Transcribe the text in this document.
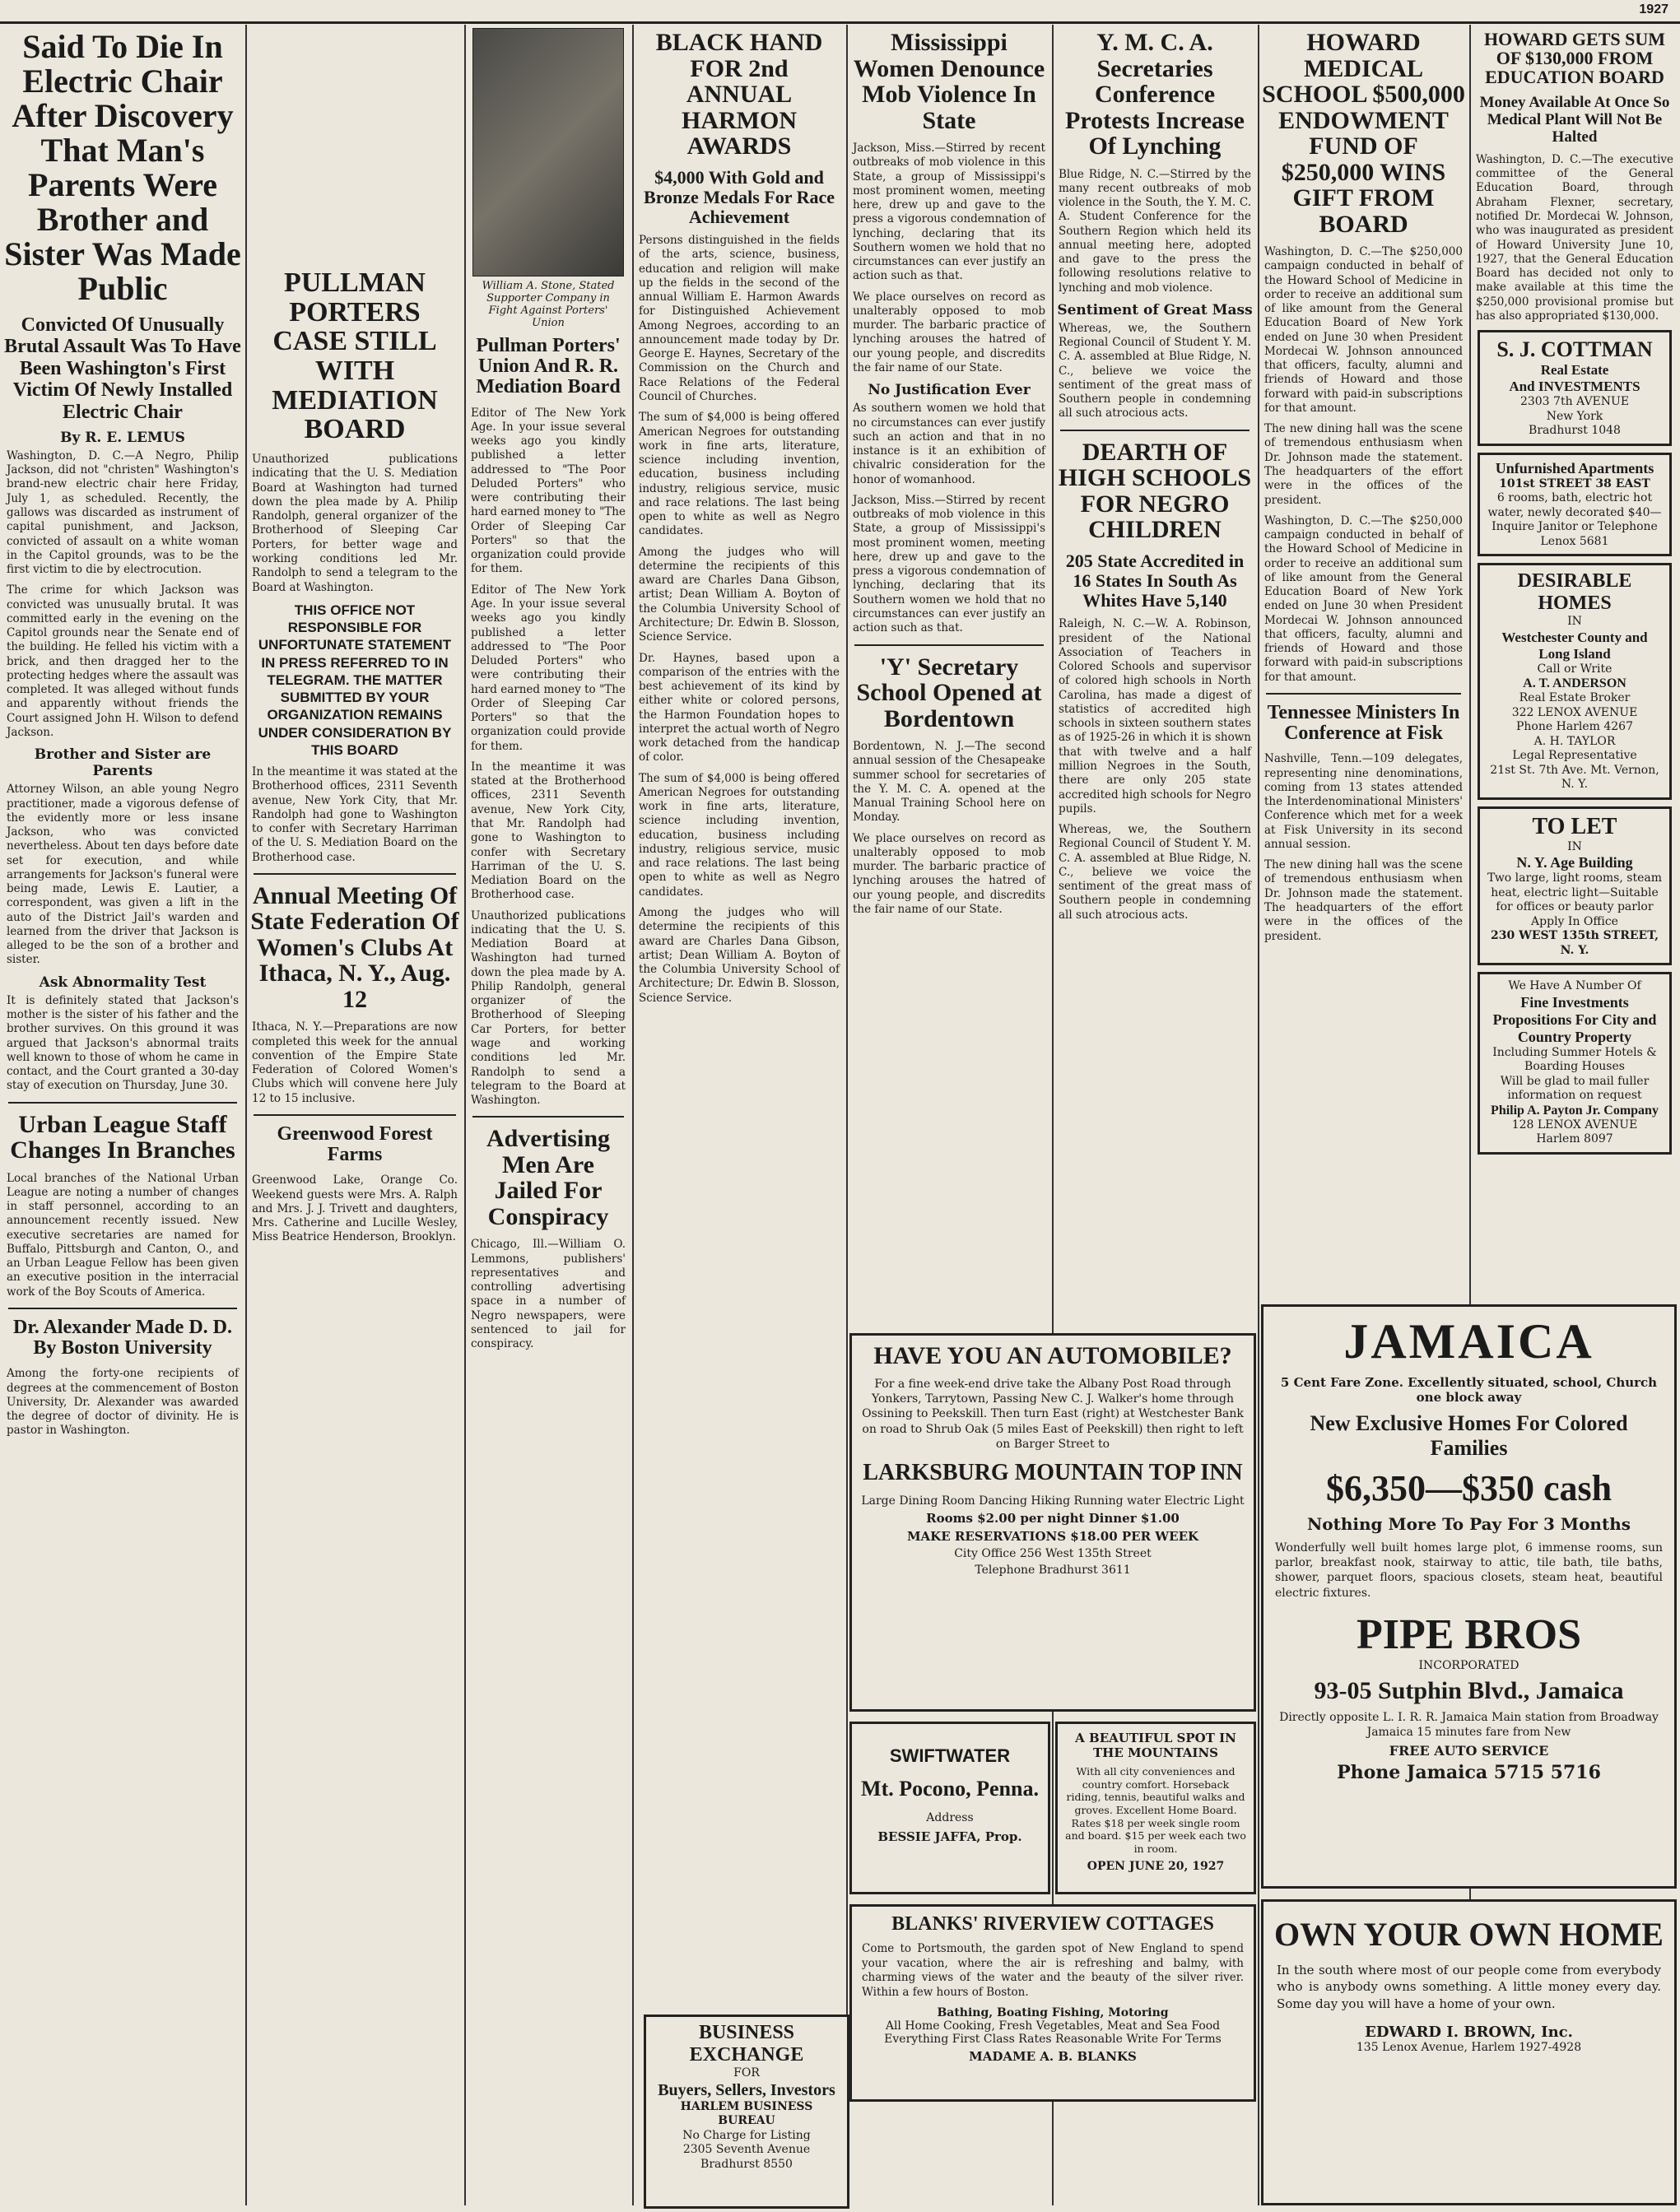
1927
Said To Die In Electric Chair After Discovery That Man's Parents Were Brother and Sister Was Made Public
Convicted Of Unusually Brutal Assault Was To Have Been Washington's First Victim Of Newly Installed Electric Chair
By R. E. LEMUS

Washington, D. C.—A Negro, Philip Jackson, did not "christen" Washington's brand-new electric chair here Friday, July 1, as scheduled. Recently, the gallows was discarded as instrument of capital punishment, and Jackson, convicted of assault on a white woman in the Capitol grounds, was to be the first victim to die by electrocution.

The crime for which Jackson was convicted was unusually brutal. It was committed early in the evening on the Capitol grounds near the Senate end of the building. He felled his victim with a brick, and then dragged her to the protecting hedges where the assault was completed. It was alleged without funds and apparently without friends the Court assigned John H. Wilson to defend Jackson.

Brother and Sister are Parents

Attorney Wilson, an able young Negro practitioner, made a vigorous defense of the evidently more or less insane Jackson, who was convicted nevertheless. About ten days before date set for execution, and while arrangements for Jackson's funeral were being made, Lewis E. Lautier, a correspondent, was given a lift in the auto of the District Jail's warden and learned from the driver that Jackson is alleged to be the son of a brother and sister.

Ask Abnormality Test

It is definitely stated that Jackson's mother is the sister of his father and the brother survives. On this ground it was argued that Jackson's abnormal traits well known to those of whom he came in contact, and the Court granted a 30-day stay of execution on Thursday, June 30.

Urban League Staff Changes In Branches

Local branches of the National Urban League are noting a number of changes in staff personnel, according to an announcement recently issued. New executive secretaries are named for Buffalo, Pittsburgh and Canton, O., and an Urban League Fellow has been given an executive position in the interracial work of the Boy Scouts of America.

Dr. Alexander Made D. D. By Boston University

Among the forty-one recipients of degrees at the commencement of Boston University, Dr. Alexander was awarded the degree of doctor of divinity. He is pastor in Washington.

PULLMAN PORTERS CASE STILL WITH MEDIATION BOARD

Unauthorized publications indicating that the U. S. Mediation Board at Washington had turned down the plea made by A. Philip Randolph, general organizer of the Brotherhood of Sleeping Car Porters, for better wage and working conditions led Mr. Randolph to send a telegram to the Board at Washington.

THIS OFFICE NOT RESPONSIBLE FOR UNFORTUNATE STATEMENT IN PRESS REFERRED TO IN TELEGRAM. THE MATTER SUBMITTED BY YOUR ORGANIZATION REMAINS UNDER CONSIDERATION BY THIS BOARD

In the meantime it was stated at the Brotherhood offices, 2311 Seventh avenue, New York City, that Mr. Randolph had gone to Washington to confer with Secretary Harriman of the U. S. Mediation Board on the Brotherhood case.

Annual Meeting Of State Federation Of Women's Clubs At Ithaca, N. Y., Aug. 12

Ithaca, N. Y.—Preparations are now completed this week for the annual convention of the Empire State Federation of Colored Women's Clubs which will convene here July 12 to 15 inclusive.

Greenwood Forest Farms

Greenwood Lake, Orange Co. Weekend guests were Mrs. A. Ralph and Mrs. J. J. Trivett and daughters, Mrs. Catherine and Lucille Wesley, Miss Beatrice Henderson, Brooklyn.

William A. Stone, Stated Supporter Company in Fight Against Porters' Union
Pullman Porters' Union And R. R. Mediation Board

Editor of The New York Age. In your issue several weeks ago you kindly published a letter addressed to "The Poor Deluded Porters" who were contributing their hard earned money to "The Order of Sleeping Car Porters" so that the organization could provide for them.

Editor of The New York Age. In your issue several weeks ago you kindly published a letter addressed to "The Poor Deluded Porters" who were contributing their hard earned money to "The Order of Sleeping Car Porters" so that the organization could provide for them.

In the meantime it was stated at the Brotherhood offices, 2311 Seventh avenue, New York City, that Mr. Randolph had gone to Washington to confer with Secretary Harriman of the U. S. Mediation Board on the Brotherhood case.

Unauthorized publications indicating that the U. S. Mediation Board at Washington had turned down the plea made by A. Philip Randolph, general organizer of the Brotherhood of Sleeping Car Porters, for better wage and working conditions led Mr. Randolph to send a telegram to the Board at Washington.

Advertising Men Are Jailed For Conspiracy

Chicago, Ill.—William O. Lemmons, publishers' representatives and controlling advertising space in a number of Negro newspapers, were sentenced to jail for conspiracy.

BLACK HAND FOR 2nd ANNUAL HARMON AWARDS
$4,000 With Gold and Bronze Medals For Race Achievement

Persons distinguished in the fields of the arts, science, business, education and religion will make up the fields in the second of the annual William E. Harmon Awards for Distinguished Achievement Among Negroes, according to an announcement made today by Dr. George E. Haynes, Secretary of the Commission on the Church and Race Relations of the Federal Council of Churches.

The sum of $4,000 is being offered American Negroes for outstanding work in fine arts, literature, science including invention, education, business including industry, religious service, music and race relations. The last being open to white as well as Negro candidates.

Among the judges who will determine the recipients of this award are Charles Dana Gibson, artist; Dean William A. Boyton of the Columbia University School of Architecture; Dr. Edwin B. Slosson, Science Service.

Dr. Haynes, based upon a comparison of the entries with the best achievement of its kind by either white or colored persons, the Harmon Foundation hopes to interpret the actual worth of Negro work detached from the handicap of color.

The sum of $4,000 is being offered American Negroes for outstanding work in fine arts, literature, science including invention, education, business including industry, religious service, music and race relations. The last being open to white as well as Negro candidates.

Among the judges who will determine the recipients of this award are Charles Dana Gibson, artist; Dean William A. Boyton of the Columbia University School of Architecture; Dr. Edwin B. Slosson, Science Service.

BUSINESS EXCHANGE
FOR
Buyers, Sellers, Investors
HARLEM BUSINESS BUREAU
No Charge for Listing
2305 Seventh Avenue
Bradhurst 8550
Mississippi Women Denounce Mob Violence In State

Jackson, Miss.—Stirred by recent outbreaks of mob violence in this State, a group of Mississippi's most prominent women, meeting here, drew up and gave to the press a vigorous condemnation of lynching, declaring that its Southern women we hold that no circumstances can ever justify an action such as that.

We place ourselves on record as unalterably opposed to mob murder. The barbaric practice of lynching arouses the hatred of our young people, and discredits the fair name of our State.

No Justification Ever

As southern women we hold that no circumstances can ever justify such an action and that in no instance is it an exhibition of chivalric consideration for the honor of womanhood.

Jackson, Miss.—Stirred by recent outbreaks of mob violence in this State, a group of Mississippi's most prominent women, meeting here, drew up and gave to the press a vigorous condemnation of lynching, declaring that its Southern women we hold that no circumstances can ever justify an action such as that.

'Y' Secretary School Opened at Bordentown

Bordentown, N. J.—The second annual session of the Chesapeake summer school for secretaries of the Y. M. C. A. opened at the Manual Training School here on Monday.

We place ourselves on record as unalterably opposed to mob murder. The barbaric practice of lynching arouses the hatred of our young people, and discredits the fair name of our State.

Y. M. C. A. Secretaries Conference Protests Increase Of Lynching

Blue Ridge, N. C.—Stirred by the many recent outbreaks of mob violence in the South, the Y. M. C. A. Student Conference for the Southern Region which held its annual meeting here, adopted and gave to the press the following resolutions relative to lynching and mob violence.

Sentiment of Great Mass

Whereas, we, the Southern Regional Council of Student Y. M. C. A. assembled at Blue Ridge, N. C., believe we voice the sentiment of the great mass of Southern people in condemning all such atrocious acts.

DEARTH OF HIGH SCHOOLS FOR NEGRO CHILDREN
205 State Accredited in 16 States In South As Whites Have 5,140

Raleigh, N. C.—W. A. Robinson, president of the National Association of Teachers in Colored Schools and supervisor of colored high schools in North Carolina, has made a digest of statistics of accredited high schools in sixteen southern states as of 1925-26 in which it is shown that with twelve and a half million Negroes in the South, there are only 205 state accredited high schools for Negro pupils.

Whereas, we, the Southern Regional Council of Student Y. M. C. A. assembled at Blue Ridge, N. C., believe we voice the sentiment of the great mass of Southern people in condemning all such atrocious acts.

HOWARD MEDICAL SCHOOL $500,000 ENDOWMENT FUND OF $250,000 WINS GIFT FROM BOARD

Washington, D. C.—The $250,000 campaign conducted in behalf of the Howard School of Medicine in order to receive an additional sum of like amount from the General Education Board of New York ended on June 30 when President Mordecai W. Johnson announced that officers, faculty, alumni and friends of Howard and those forward with paid-in subscriptions for that amount.

The new dining hall was the scene of tremendous enthusiasm when Dr. Johnson made the statement. The headquarters of the effort were in the offices of the president.

Washington, D. C.—The $250,000 campaign conducted in behalf of the Howard School of Medicine in order to receive an additional sum of like amount from the General Education Board of New York ended on June 30 when President Mordecai W. Johnson announced that officers, faculty, alumni and friends of Howard and those forward with paid-in subscriptions for that amount.

Tennessee Ministers In Conference at Fisk

Nashville, Tenn.—109 delegates, representing nine denominations, coming from 13 states attended the Interdenominational Ministers' Conference which met for a week at Fisk University in its second annual session.

The new dining hall was the scene of tremendous enthusiasm when Dr. Johnson made the statement. The headquarters of the effort were in the offices of the president.

HOWARD GETS SUM OF $130,000 FROM EDUCATION BOARD
Money Available At Once So Medical Plant Will Not Be Halted

Washington, D. C.—The executive committee of the General Education Board, through Abraham Flexner, secretary, notified Dr. Mordecai W. Johnson, who was inaugurated as president of Howard University June 10, 1927, that the General Education Board has decided not only to make available at this time the $250,000 provisional promise but has also appropriated $130,000.

S. J. COTTMAN
Real Estate
And INVESTMENTS
2303 7th AVENUE
New York
Bradhurst 1048
Unfurnished Apartments
101st STREET 38 EAST
6 rooms, bath, electric hot water, newly decorated $40—Inquire Janitor or Telephone Lenox 5681
DESIRABLE HOMES
IN
Westchester County and Long Island
Call or Write
A. T. ANDERSON
Real Estate Broker
322 LENOX AVENUE
Phone Harlem 4267
A. H. TAYLOR
Legal Representative
21st St. 7th Ave. Mt. Vernon, N. Y.
TO LET
IN
N. Y. Age Building
Two large, light rooms, steam heat, electric light—Suitable for offices or beauty parlor
Apply In Office
230 WEST 135th STREET, N. Y.
We Have A Number Of
Fine Investments Propositions For City and Country Property
Including Summer Hotels & Boarding Houses
Will be glad to mail fuller information on request
Philip A. Payton Jr. Company
128 LENOX AVENUE
Harlem 8097
HAVE YOU AN AUTOMOBILE?
For a fine week-end drive take the Albany Post Road through Yonkers, Tarrytown, Passing New C. J. Walker's home through Ossining to Peekskill. Then turn East (right) at Westchester Bank on road to Shrub Oak (5 miles East of Peekskill) then right to left on Barger Street to
LARKSBURG MOUNTAIN TOP INN
Large Dining Room Dancing Hiking Running water Electric Light
Rooms $2.00 per night Dinner $1.00
MAKE RESERVATIONS $18.00 PER WEEK
City Office 256 West 135th Street
Telephone Bradhurst 3611
SWIFTWATER
Mt. Pocono, Penna.
Address
BESSIE JAFFA, Prop.
A BEAUTIFUL SPOT IN THE MOUNTAINS
With all city conveniences and country comfort. Horseback riding, tennis, beautiful walks and groves. Excellent Home Board. Rates $18 per week single room and board. $15 per week each two in room.
OPEN JUNE 20, 1927
BLANKS' RIVERVIEW COTTAGES
Come to Portsmouth, the garden spot of New England to spend your vacation, where the air is refreshing and balmy, with charming views of the water and the beauty of the silver river. Within a few hours of Boston.
Bathing, Boating Fishing, Motoring
All Home Cooking, Fresh Vegetables, Meat and Sea Food
Everything First Class Rates Reasonable Write For Terms
MADAME A. B. BLANKS
JAMAICA
5 Cent Fare Zone. Excellently situated, school, Church one block away
New Exclusive Homes For Colored Families
$6,350—$350 cash
Nothing More To Pay For 3 Months
Wonderfully well built homes large plot, 6 immense rooms, sun parlor, breakfast nook, stairway to attic, tile bath, tile baths, shower, parquet floors, spacious closets, steam heat, beautiful electric fixtures.
PIPE BROS
INCORPORATED
93-05 Sutphin Blvd., Jamaica
Directly opposite L. I. R. R. Jamaica Main station from Broadway Jamaica 15 minutes fare from New
FREE AUTO SERVICE
Phone Jamaica 5715 5716
OWN YOUR OWN HOME
In the south where most of our people come from everybody who is anybody owns something. A little money every day. Some day you will have a home of your own.
EDWARD I. BROWN, Inc.
135 Lenox Avenue, Harlem 1927-4928
